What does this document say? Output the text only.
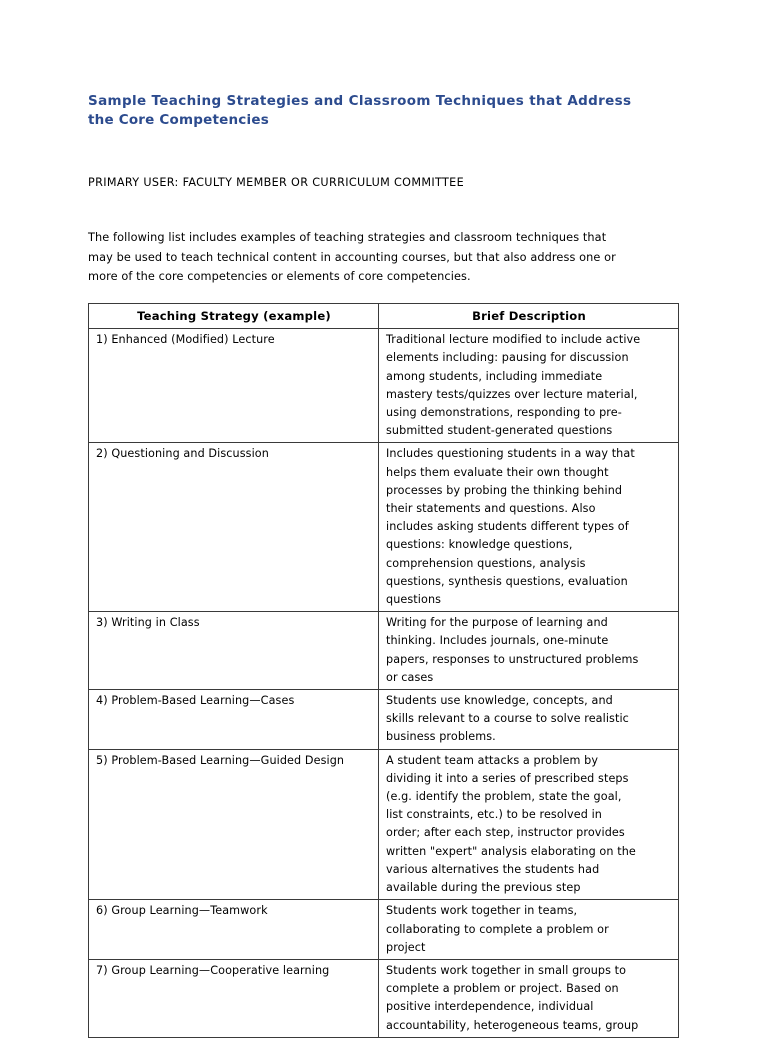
Sample Teaching Strategies and Classroom Techniques that Address
the Core Competencies
PRIMARY USER: FACULTY MEMBER OR CURRICULUM COMMITTEE
The following list includes examples of teaching strategies and classroom techniques that
may be used to teach technical content in accounting courses, but that also address one or
more of the core competencies or elements of core competencies.
Teaching Strategy (example)	Brief Description
1) Enhanced (Modified) Lecture	Traditional lecture modified to include active
elements including: pausing for discussion
among students, including immediate
mastery tests/quizzes over lecture material,
using demonstrations, responding to pre-
submitted student-generated questions

2) Questioning and Discussion	Includes questioning students in a way that
helps them evaluate their own thought
processes by probing the thinking behind
their statements and questions. Also
includes asking students different types of
questions: knowledge questions,
comprehension questions, analysis
questions, synthesis questions, evaluation
questions

3) Writing in Class	Writing for the purpose of learning and
thinking. Includes journals, one-minute
papers, responses to unstructured problems
or cases

4) Problem-Based Learning—Cases	Students use knowledge, concepts, and
skills relevant to a course to solve realistic
business problems.

5) Problem-Based Learning—Guided Design	A student team attacks a problem by
dividing it into a series of prescribed steps
(e.g. identify the problem, state the goal,
list constraints, etc.) to be resolved in
order; after each step, instructor provides
written "expert" analysis elaborating on the
various alternatives the students had
available during the previous step

6) Group Learning—Teamwork	Students work together in teams,
collaborating to complete a problem or
project

7) Group Learning—Cooperative learning	Students work together in small groups to
complete a problem or project. Based on
positive interdependence, individual
accountability, heterogeneous teams, group
